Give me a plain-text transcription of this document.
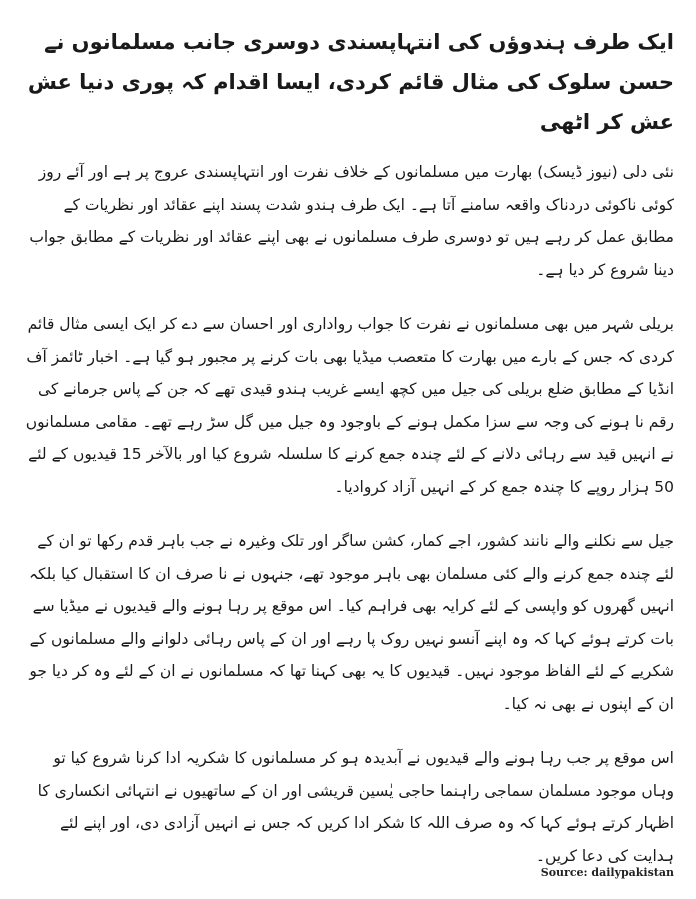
ایک طرف ہندوؤں کی انتہاپسندی دوسری جانب مسلمانوں نے حسن سلوک کی مثال قائم کردی، ایسا اقدام کہ پوری دنیا عش عش کر اٹھی

نئی دلی (نیوز ڈیسک) بھارت میں مسلمانوں کے خلاف نفرت اور انتہاپسندی عروج پر ہے اور آئے روز کوئی ناکوئی دردناک واقعہ سامنے آتا ہے۔ ایک طرف ہندو شدت پسند اپنے عقائد اور نظریات کے مطابق عمل کر رہے ہیں تو دوسری طرف مسلمانوں نے بھی اپنے عقائد اور نظریات کے مطابق جواب دینا شروع کر دیا ہے۔

بریلی شہر میں بھی مسلمانوں نے نفرت کا جواب رواداری اور احسان سے دے کر ایک ایسی مثال قائم کردی کہ جس کے بارے میں بھارت کا متعصب میڈیا بھی بات کرنے پر مجبور ہو گیا ہے۔ اخبار ٹائمز آف انڈیا کے مطابق ضلع بریلی کی جیل میں کچھ ایسے غریب ہندو قیدی تھے کہ جن کے پاس جرمانے کی رقم نا ہونے کی وجہ سے سزا مکمل ہونے کے باوجود وہ جیل میں گل سڑ رہے تھے۔ مقامی مسلمانوں نے انہیں قید سے رہائی دلانے کے لئے چندہ جمع کرنے کا سلسلہ شروع کیا اور بالآخر 15 قیدیوں کے لئے 50 ہزار روپے کا چندہ جمع کر کے انہیں آزاد کروادیا۔

جیل سے نکلنے والے نانند کشور، اجے کمار، کشن ساگر اور تلک وغیرہ نے جب باہر قدم رکھا تو ان کے لئے چندہ جمع کرنے والے کئی مسلمان بھی باہر موجود تھے، جنہوں نے نا صرف ان کا استقبال کیا بلکہ انہیں گھروں کو واپسی کے لئے کرایہ بھی فراہم کیا۔ اس موقع پر رہا ہونے والے قیدیوں نے میڈیا سے بات کرتے ہوئے کہا کہ وہ اپنے آنسو نہیں روک پا رہے اور ان کے پاس رہائی دلوانے والے مسلمانوں کے شکریے کے لئے الفاظ موجود نہیں۔ قیدیوں کا یہ بھی کہنا تھا کہ مسلمانوں نے ان کے لئے وہ کر دیا جو ان کے اپنوں نے بھی نہ کیا۔

اس موقع پر جب رہا ہونے والے قیدیوں نے آبدیدہ ہو کر مسلمانوں کا شکریہ ادا کرنا شروع کیا تو وہاں موجود مسلمان سماجی راہنما حاجی یٰسین قریشی اور ان کے ساتھیوں نے انتہائی انکساری کا اظہار کرتے ہوئے کہا کہ وہ صرف اللہ کا شکر ادا کریں کہ جس نے انہیں آزادی دی، اور اپنے لئے ہدایت کی دعا کریں۔

Source: dailypakistan
